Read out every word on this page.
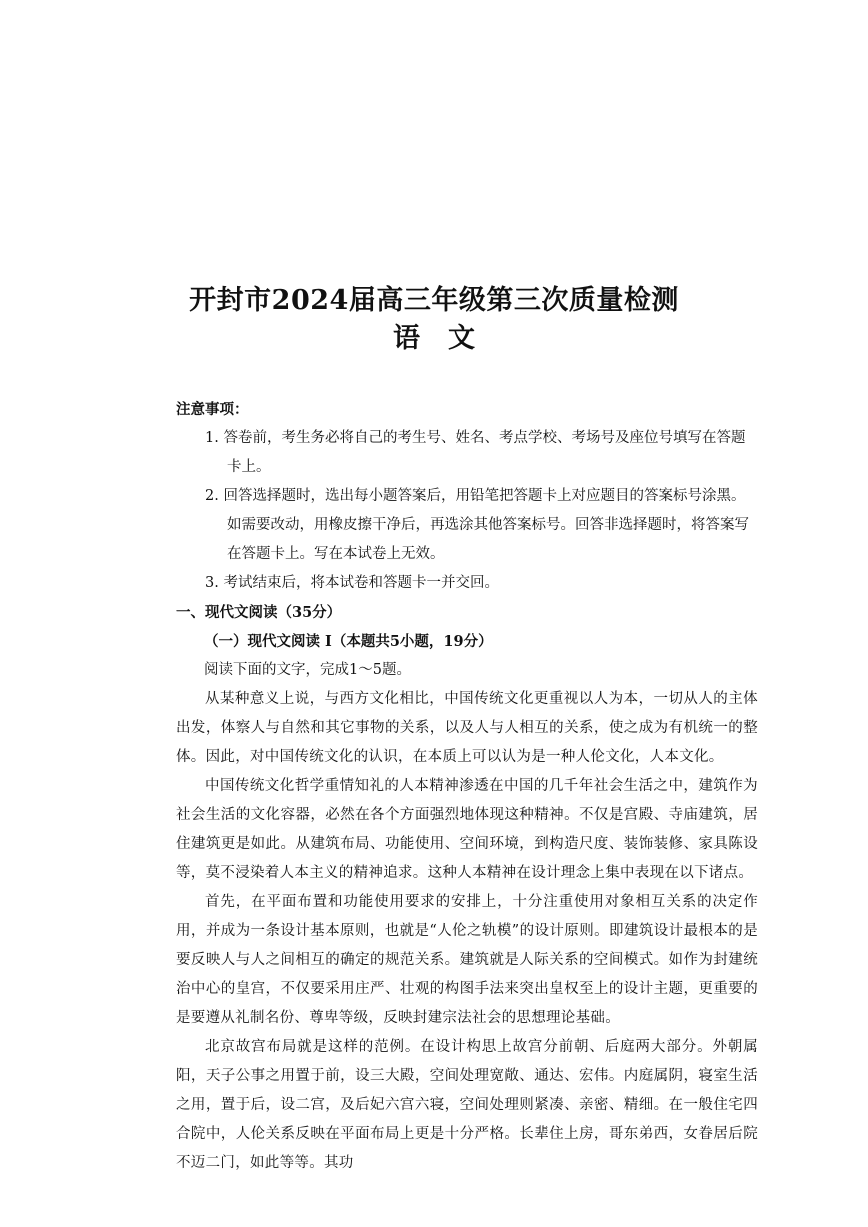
开封市2024届高三年级第三次质量检测
语文

注意事项：

1. 答卷前，考生务必将自己的考生号、姓名、考点学校、考场号及座位号填写在答题卡上。

2. 回答选择题时，选出每小题答案后，用铅笔把答题卡上对应题目的答案标号涂黑。如需要改动，用橡皮擦干净后，再选涂其他答案标号。回答非选择题时，将答案写在答题卡上。写在本试卷上无效。

3. 考试结束后，将本试卷和答题卡一并交回。

一、现代文阅读（35分）

（一）现代文阅读 Ⅰ（本题共5小题，19分）

阅读下面的文字，完成1～5题。

从某种意义上说，与西方文化相比，中国传统文化更重视以人为本，一切从人的主体出发，体察人与自然和其它事物的关系，以及人与人相互的关系，使之成为有机统一的整体。因此，对中国传统文化的认识，在本质上可以认为是一种人伦文化，人本文化。

中国传统文化哲学重情知礼的人本精神渗透在中国的几千年社会生活之中，建筑作为社会生活的文化容器，必然在各个方面强烈地体现这种精神。不仅是宫殿、寺庙建筑，居住建筑更是如此。从建筑布局、功能使用、空间环境，到构造尺度、装饰装修、家具陈设等，莫不浸染着人本主义的精神追求。这种人本精神在设计理念上集中表现在以下诸点。

首先，在平面布置和功能使用要求的安排上，十分注重使用对象相互关系的决定作用，并成为一条设计基本原则，也就是“人伦之轨模”的设计原则。即建筑设计最根本的是要反映人与人之间相互的确定的规范关系。建筑就是人际关系的空间模式。如作为封建统治中心的皇宫，不仅要采用庄严、壮观的构图手法来突出皇权至上的设计主题，更重要的是要遵从礼制名份、尊卑等级，反映封建宗法社会的思想理论基础。

北京故宫布局就是这样的范例。在设计构思上故宫分前朝、后庭两大部分。外朝属阳，天子公事之用置于前，设三大殿，空间处理宽敞、通达、宏伟。内庭属阴，寝室生活之用，置于后，设二宫，及后妃六宫六寝，空间处理则紧凑、亲密、精细。在一般住宅四合院中，人伦关系反映在平面布局上更是十分严格。长辈住上房，哥东弟西，女眷居后院不迈二门，如此等等。其功
